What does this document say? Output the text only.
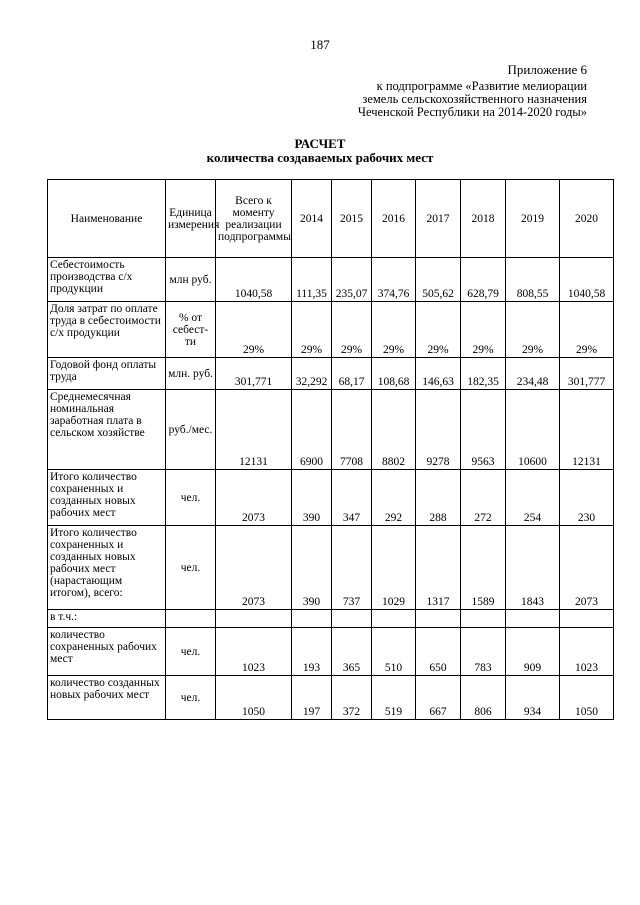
187
Приложение 6
к подпрограмме «Развитие мелиорации
земель сельскохозяйственного назначения
Чеченской Республики на 2014-2020 годы»
РАСЧЕТ
количества создаваемых рабочих мест
Наименование	Единица измерения	Всего к моменту реализации подпрограммы	2014	2015	2016	2017	2018	2019	2020
Себестоимость производства с/х продукции	млн руб.	1040,58	111,35	235,07	374,76	505,62	628,79	808,55	1040,58
Доля затрат по оплате труда в себестоимости с/х продукции	% от себест-ти	29%	29%	29%	29%	29%	29%	29%	29%
Годовой фонд оплаты труда	млн. руб.	301,771	32,292	68,17	108,68	146,63	182,35	234,48	301,777
Среднемесячная номинальная заработная плата в сельском хозяйстве	руб./мес.	12131	6900	7708	8802	9278	9563	10600	12131
Итого количество сохраненных и созданных новых рабочих мест	чел.	2073	390	347	292	288	272	254	230
Итого количество сохраненных и созданных новых рабочих мест (нарастающим итогом), всего:	чел.	2073	390	737	1029	1317	1589	1843	2073
в т.ч.:									
количество сохраненных рабочих мест	чел.	1023	193	365	510	650	783	909	1023
количество созданных новых рабочих мест	чел.	1050	197	372	519	667	806	934	1050
